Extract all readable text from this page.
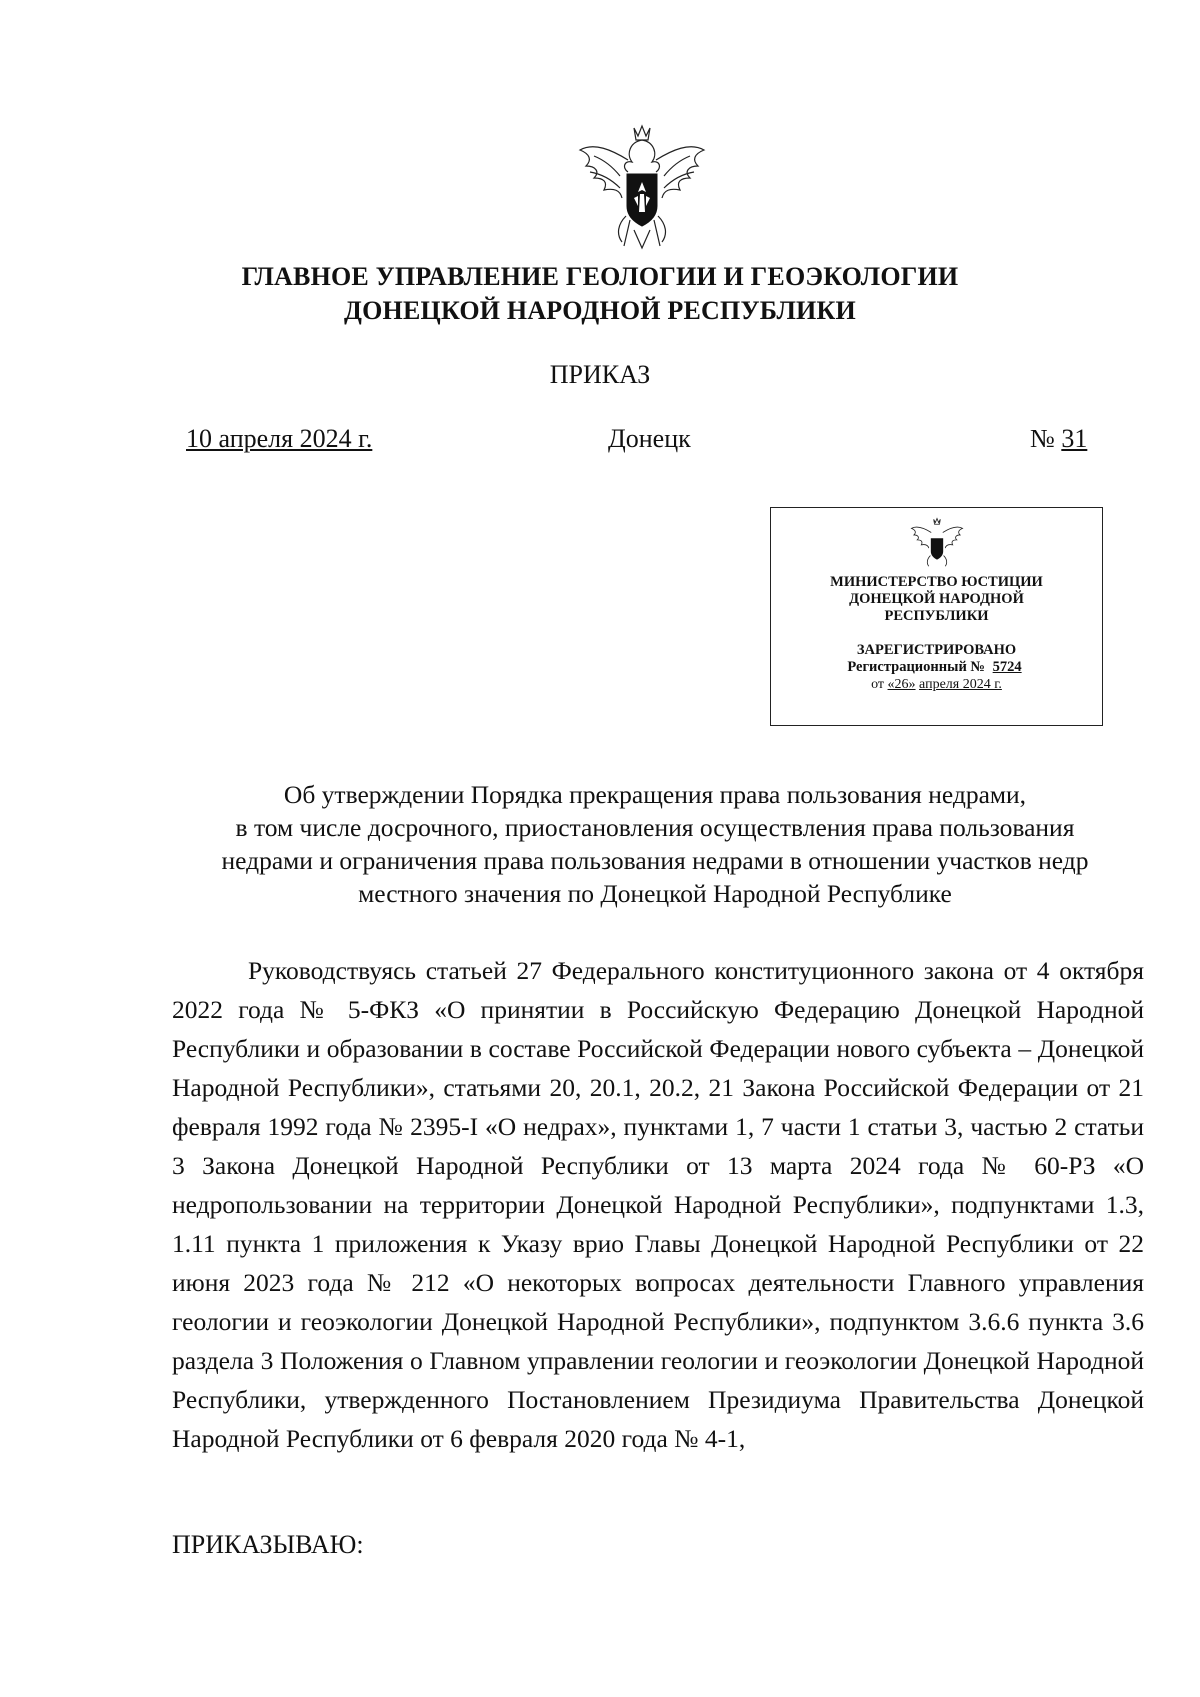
ГЛАВНОЕ УПРАВЛЕНИЕ ГЕОЛОГИИ И ГЕОЭКОЛОГИИ
ДОНЕЦКОЙ НАРОДНОЙ РЕСПУБЛИКИ
ПРИКАЗ
10 апреля 2024 г.	Донецк	№ 31
МИНИСТЕРСТВО ЮСТИЦИИ
ДОНЕЦКОЙ НАРОДНОЙ
РЕСПУБЛИКИ
ЗАРЕГИСТРИРОВАНО
Регистрационный № 5724
от «26» апреля 2024 г.
Об утверждении Порядка прекращения права пользования недрами,
в том числе досрочного, приостановления осуществления права пользования
недрами и ограничения права пользования недрами в отношении участков недр
местного значения по Донецкой Народной Республике
Руководствуясь статьей 27 Федерального конституционного закона от 4 октября 2022 года № 5-ФКЗ «О принятии в Российскую Федерацию Донецкой Народной Республики и образовании в составе Российской Федерации нового субъекта – Донецкой Народной Республики», статьями 20, 20.1, 20.2, 21 Закона Российской Федерации от 21 февраля 1992 года № 2395-I «О недрах», пунктами 1, 7 части 1 статьи 3, частью 2 статьи 3 Закона Донецкой Народной Республики от 13 марта 2024 года № 60-РЗ «О недропользовании на территории Донецкой Народной Республики», подпунктами 1.3, 1.11 пункта 1 приложения к Указу врио Главы Донецкой Народной Республики от 22 июня 2023 года № 212 «О некоторых вопросах деятельности Главного управления геологии и геоэкологии Донецкой Народной Республики», подпунктом 3.6.6 пункта 3.6 раздела 3 Положения о Главном управлении геологии и геоэкологии Донецкой Народной Республики, утвержденного Постановлением Президиума Правительства Донецкой Народной Республики от 6 февраля 2020 года № 4-1,
ПРИКАЗЫВАЮ:
